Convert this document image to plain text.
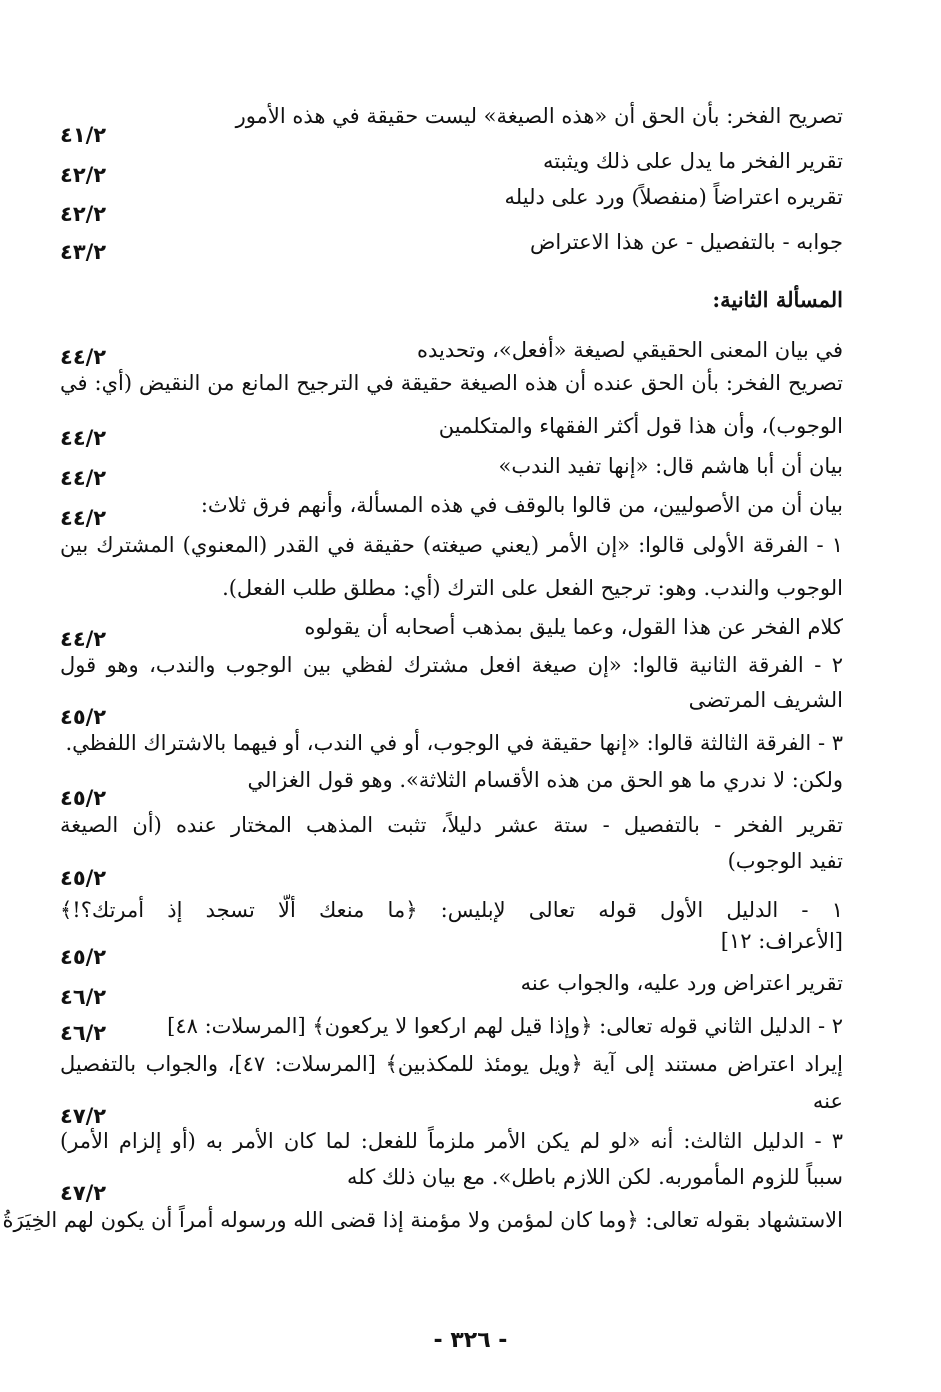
تصريح الفخر: بأن الحق أن «هذه الصيغة» ليست حقيقة في هذه الأمور
تقرير الفخر ما يدل على ذلك ويثبته
تقريره اعتراضاً (منفصلاً) ورد على دليله
جوابه - بالتفصيل - عن هذا الاعتراض
المسألة الثانية:
في بيان المعنى الحقيقي لصيغة «أفعل»، وتحديده
تصريح الفخر: بأن الحق عنده أن هذه الصيغة حقيقة في الترجيح المانع من النقيض (أي: في
الوجوب)، وأن هذا قول أكثر الفقهاء والمتكلمين
بيان أن أبا هاشم قال: «إنها تفيد الندب»
بيان أن من الأصوليين، من قالوا بالوقف في هذه المسألة، وأنهم فرق ثلاث:
١ - الفرقة الأولى قالوا: «إن الأمر (يعني صيغته) حقيقة في القدر (المعنوي) المشترك بين
الوجوب والندب. وهو: ترجيح الفعل على الترك (أي: مطلق طلب الفعل).
كلام الفخر عن هذا القول، وعما يليق بمذهب أصحابه أن يقولوه
٢ - الفرقة الثانية قالوا: «إن صيغة افعل مشترك لفظي بين الوجوب والندب، وهو قول
الشريف المرتضى
٣ - الفرقة الثالثة قالوا: «إنها حقيقة في الوجوب، أو في الندب، أو فيهما بالاشتراك اللفظي.
ولكن: لا ندري ما هو الحق من هذه الأقسام الثلاثة». وهو قول الغزالي
تقرير الفخر - بالتفصيل - ستة عشر دليلاً، تثبت المذهب المختار عنده (أن الصيغة
تفيد الوجوب)
١ - الدليل الأول قوله تعالى لإبليس: ﴿ما منعك ألّا تسجد إذ أمرتك؟!﴾
[الأعراف: ١٢]
تقرير اعتراض ورد عليه، والجواب عنه
٢ - الدليل الثاني قوله تعالى: ﴿وإذا قيل لهم اركعوا لا يركعون﴾ [المرسلات: ٤٨]
إيراد اعتراض مستند إلى آية ﴿ويل يومئذ للمكذبين﴾ [المرسلات: ٤٧]، والجواب بالتفصيل
عنه
٣ - الدليل الثالث: أنه «لو لم يكن الأمر ملزماً للفعل: لما كان الأمر به (أو إلزام الأمر)
سبباً للزوم المأموربه. لكن اللازم باطل». مع بيان ذلك كله
الاستشهاد بقوله تعالى: ﴿وما كان لمؤمن ولا مؤمنة إذا قضى الله ورسوله أمراً أن يكون لهم الخِيَرَةُ
٤١/٢
٤٢/٢
٤٢/٢
٤٣/٢
٤٤/٢
٤٤/٢
٤٤/٢
٤٤/٢
٤٤/٢
٤٥/٢
٤٥/٢
٤٥/٢
٤٥/٢
٤٦/٢
٤٦/٢
٤٧/٢
٤٧/٢
- ٣٢٦ -
